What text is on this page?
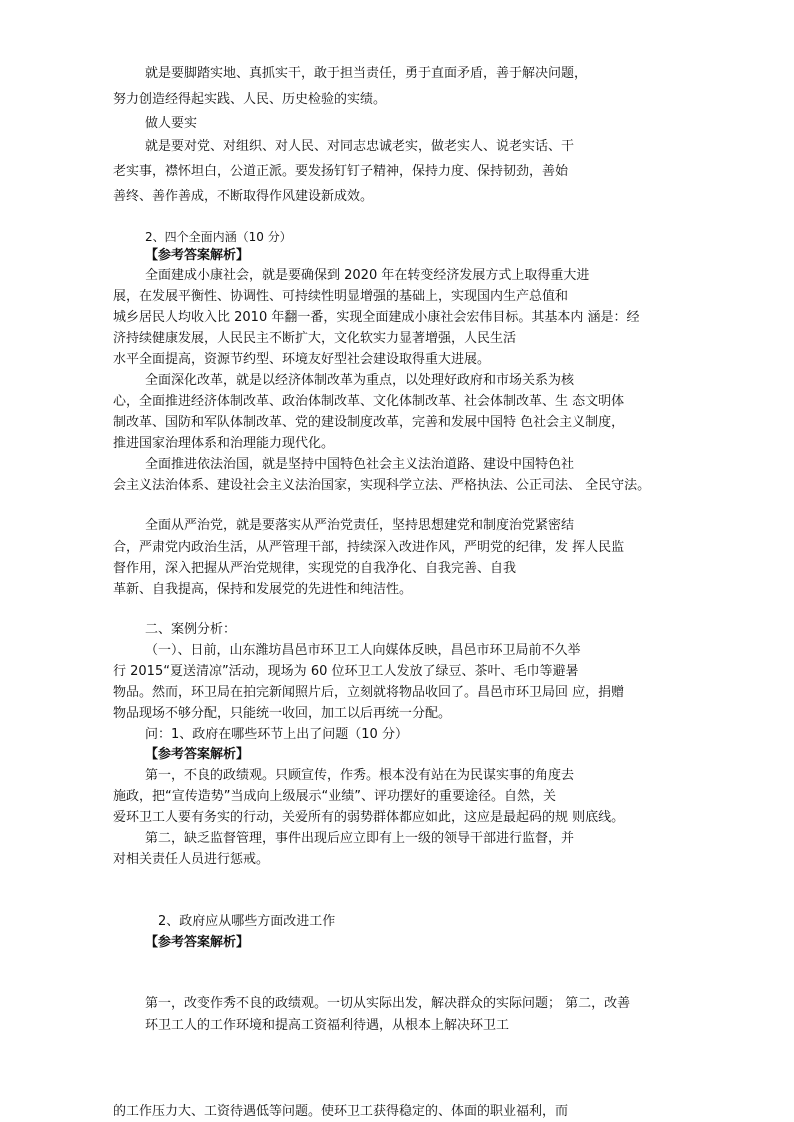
就是要脚踏实地、真抓实干，敢于担当责任，勇于直面矛盾，善于解决问题，
努力创造经得起实践、人民、历史检验的实绩。
做人要实
就是要对党、对组织、对人民、对同志忠诚老实，做老实人、说老实话、干
老实事，襟怀坦白，公道正派。要发扬钉钉子精神，保持力度、保持韧劲，善始
善终、善作善成，不断取得作风建设新成效。
2、四个全面内涵（10 分）
【参考答案解析】
全面建成小康社会，就是要确保到 2020 年在转变经济发展方式上取得重大进
展，在发展平衡性、协调性、可持续性明显增强的基础上，实现国内生产总值和
城乡居民人均收入比 2010 年翻一番，实现全面建成小康社会宏伟目标。其基本内 涵是：经
济持续健康发展，人民民主不断扩大，文化软实力显著增强，人民生活
水平全面提高，资源节约型、环境友好型社会建设取得重大进展。
全面深化改革，就是以经济体制改革为重点，以处理好政府和市场关系为核
心，全面推进经济体制改革、政治体制改革、文化体制改革、社会体制改革、生 态文明体
制改革、国防和军队体制改革、党的建设制度改革，完善和发展中国特 色社会主义制度，
推进国家治理体系和治理能力现代化。
全面推进依法治国，就是坚持中国特色社会主义法治道路、建设中国特色社
会主义法治体系、建设社会主义法治国家，实现科学立法、严格执法、公正司法、 全民守法。
全面从严治党，就是要落实从严治党责任，坚持思想建党和制度治党紧密结
合，严肃党内政治生活，从严管理干部，持续深入改进作风，严明党的纪律，发 挥人民监
督作用，深入把握从严治党规律，实现党的自我净化、自我完善、自我
革新、自我提高，保持和发展党的先进性和纯洁性。
二、案例分析：
（一）、日前，山东潍坊昌邑市环卫工人向媒体反映，昌邑市环卫局前不久举
行 2015“夏送清凉”活动，现场为 60 位环卫工人发放了绿豆、茶叶、毛巾等避暑
物品。然而，环卫局在拍完新闻照片后，立刻就将物品收回了。昌邑市环卫局回 应，捐赠
物品现场不够分配，只能统一收回，加工以后再统一分配。
问：1、政府在哪些环节上出了问题（10 分）
【参考答案解析】
第一，不良的政绩观。只顾宣传，作秀。根本没有站在为民谋实事的角度去
施政，把“宣传造势”当成向上级展示“业绩”、评功摆好的重要途径。自然，关
爱环卫工人要有务实的行动，关爱所有的弱势群体都应如此，这应是最起码的规 则底线。
第二，缺乏监督管理，事件出现后应立即有上一级的领导干部进行监督，并
对相关责任人员进行惩戒。
2、政府应从哪些方面改进工作
【参考答案解析】
第一，改变作秀不良的政绩观。一切从实际出发，解决群众的实际问题； 第二，改善
环卫工人的工作环境和提高工资福利待遇，从根本上解决环卫工
的工作压力大、工资待遇低等问题。使环卫工获得稳定的、体面的职业福利，而
